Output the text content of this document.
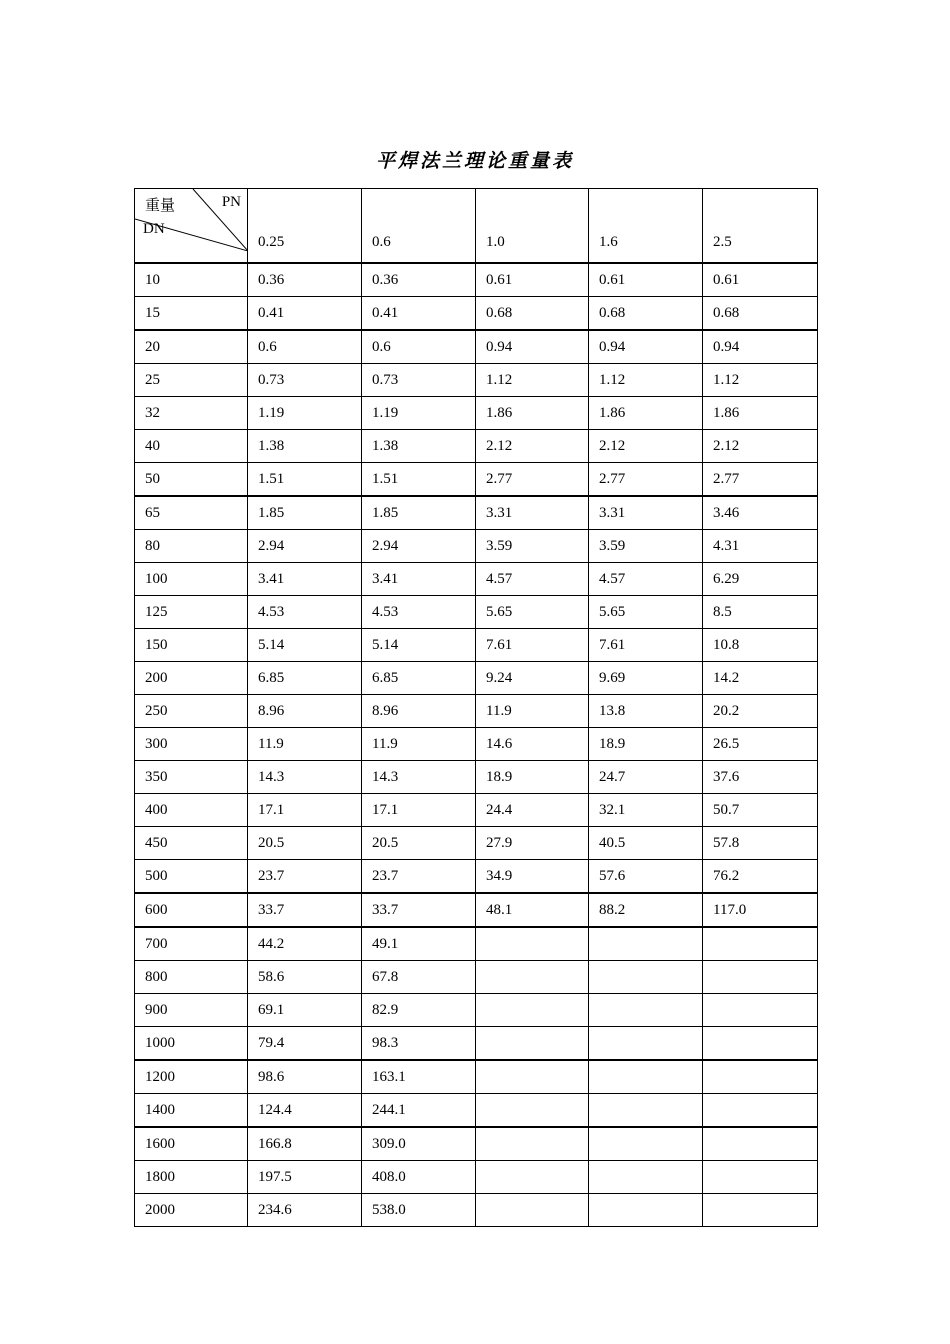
平焊法兰理论重量表
重量 PN
DN	0.25	0.6	1.0	1.6	2.5
10	0.36	0.36	0.61	0.61	0.61
15	0.41	0.41	0.68	0.68	0.68
20	0.6	0.6	0.94	0.94	0.94
25	0.73	0.73	1.12	1.12	1.12
32	1.19	1.19	1.86	1.86	1.86
40	1.38	1.38	2.12	2.12	2.12
50	1.51	1.51	2.77	2.77	2.77
65	1.85	1.85	3.31	3.31	3.46
80	2.94	2.94	3.59	3.59	4.31
100	3.41	3.41	4.57	4.57	6.29
125	4.53	4.53	5.65	5.65	8.5
150	5.14	5.14	7.61	7.61	10.8
200	6.85	6.85	9.24	9.69	14.2
250	8.96	8.96	11.9	13.8	20.2
300	11.9	11.9	14.6	18.9	26.5
350	14.3	14.3	18.9	24.7	37.6
400	17.1	17.1	24.4	32.1	50.7
450	20.5	20.5	27.9	40.5	57.8
500	23.7	23.7	34.9	57.6	76.2
600	33.7	33.7	48.1	88.2	117.0
700	44.2	49.1			
800	58.6	67.8			
900	69.1	82.9			
1000	79.4	98.3			
1200	98.6	163.1			
1400	124.4	244.1			
1600	166.8	309.0			
1800	197.5	408.0			
2000	234.6	538.0			
